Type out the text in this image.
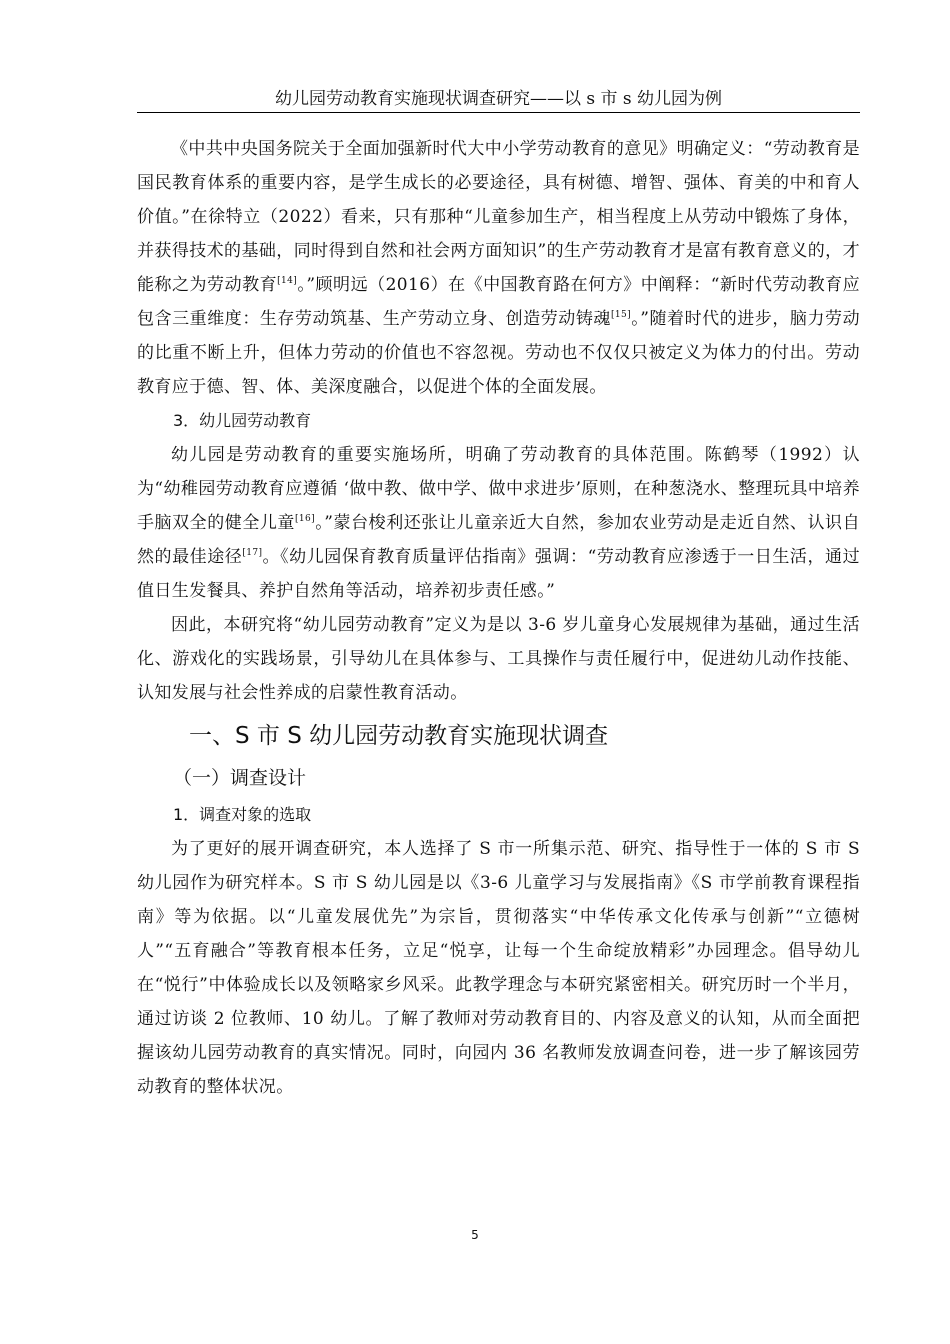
幼儿园劳动教育实施现状调查研究——以 s 市 s 幼儿园为例

《中共中央国务院关于全面加强新时代大中小学劳动教育的意见》明确定义：“劳动教育是国民教育体系的重要内容，是学生成长的必要途径，具有树德、增智、强体、育美的中和育人价值。”在徐特立（2022）看来，只有那种“儿童参加生产，相当程度上从劳动中锻炼了身体，并获得技术的基础，同时得到自然和社会两方面知识”的生产劳动教育才是富有教育意义的，才能称之为劳动教育[14]。”顾明远（2016）在《中国教育路在何方》中阐释：“新时代劳动教育应包含三重维度：生存劳动筑基、生产劳动立身、创造劳动铸魂[15]。”随着时代的进步，脑力劳动的比重不断上升，但体力劳动的价值也不容忽视。劳动也不仅仅只被定义为体力的付出。劳动教育应于德、智、体、美深度融合，以促进个体的全面发展。

3．幼儿园劳动教育

幼儿园是劳动教育的重要实施场所，明确了劳动教育的具体范围。陈鹤琴（1992）认为“幼稚园劳动教育应遵循 ‘做中教、做中学、做中求进步’原则，在种葱浇水、整理玩具中培养手脑双全的健全儿童[16]。”蒙台梭利还张让儿童亲近大自然，参加农业劳动是走近自然、认识自然的最佳途径[17]。《幼儿园保育教育质量评估指南》强调：“劳动教育应渗透于一日生活，通过值日生发餐具、养护自然角等活动，培养初步责任感。”

因此，本研究将“幼儿园劳动教育”定义为是以 3-6 岁儿童身心发展规律为基础，通过生活化、游戏化的实践场景，引导幼儿在具体参与、工具操作与责任履行中，促进幼儿动作技能、认知发展与社会性养成的启蒙性教育活动。

一、S 市 S 幼儿园劳动教育实施现状调查

（一）调查设计

1．调查对象的选取

为了更好的展开调查研究，本人选择了 S 市一所集示范、研究、指导性于一体的 S 市 S 幼儿园作为研究样本。S 市 S 幼儿园是以《3-6 儿童学习与发展指南》《S 市学前教育课程指南》等为依据。以“儿童发展优先”为宗旨，贯彻落实“中华传承文化传承与创新”“立德树人”“五育融合”等教育根本任务，立足“悦享，让每一个生命绽放精彩”办园理念。倡导幼儿在“悦行”中体验成长以及领略家乡风采。此教学理念与本研究紧密相关。研究历时一个半月，通过访谈 2 位教师、10 幼儿。了解了教师对劳动教育目的、内容及意义的认知，从而全面把握该幼儿园劳动教育的真实情况。同时，向园内 36 名教师发放调查问卷，进一步了解该园劳动教育的整体状况。

5
